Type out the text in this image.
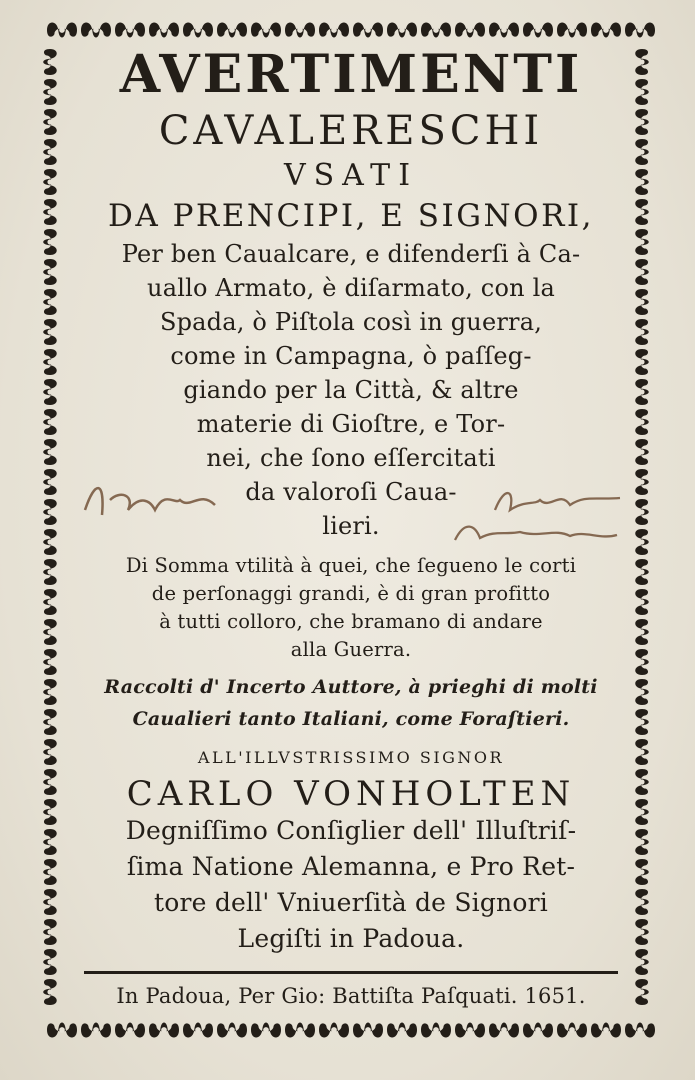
AVERTIMENTI
CAVALERESCHI
VSATI
DA PRENCIPI, E SIGNORI,
Per ben Caualcare, e difenderſi à Ca-
uallo Armato, è diſarmato, con la
Spada, ò Piſtola così in guerra,
come in Campagna, ò paſſeg-
giando per la Città, & altre
materie di Gioſtre, e Tor-
nei, che ſono eſſercitati
da valoroſi Caua-
lieri.
Di Somma vtilità à quei, che ſegueno le corti
de perſonaggi grandi, è di gran profitto
à tutti colloro, che bramano di andare
alla Guerra.
Raccolti d' Incerto Auttore, à prieghi di molti
Caualieri tanto Italiani, come Foraſtieri.
ALL'ILLVSTRISSIMO SIGNOR
CARLO VONHOLTEN
Degniſſimo Conſiglier dell' Illuſtriſ-
ſima Natione Alemanna, e Pro Ret-
tore dell' Vniuerſità de Signori
Legiſti in Padoua.
In Padoua, Per Gio: Battiſta Paſquati. 1651.
